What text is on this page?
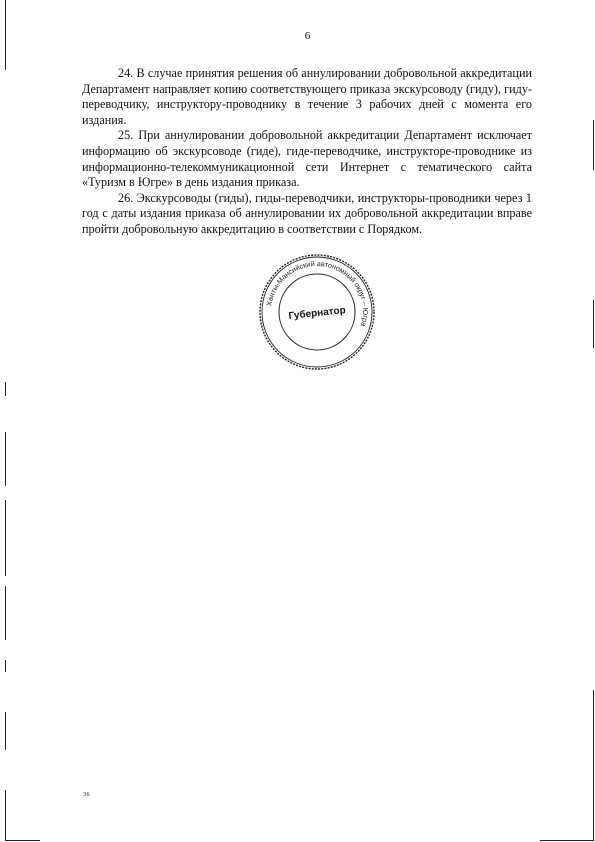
6

24. В случае принятия решения об аннулировании добровольной аккредитации Департамент направляет копию соответствующего приказа экскурсоводу (гиду), гиду-переводчику, инструктору-проводнику в течение 3 рабочих дней с момента его издания.

25. При аннулировании добровольной аккредитации Департамент исключает информацию об экскурсоводе (гиде), гиде-переводчике, инструкторе-проводнике из информационно-телекоммуникационной сети Интернет с тематического сайта «Туризм в Югре» в день издания приказа.

26. Экскурсоводы (гиды), гиды-переводчики, инструкторы-проводники через 1 год с даты издания приказа об аннулировании их добровольной аккредитации вправе пройти добровольную аккредитацию в соответствии с Порядком.

Ханты-Мансийский автономный округ – Югра
Губернатор
36
